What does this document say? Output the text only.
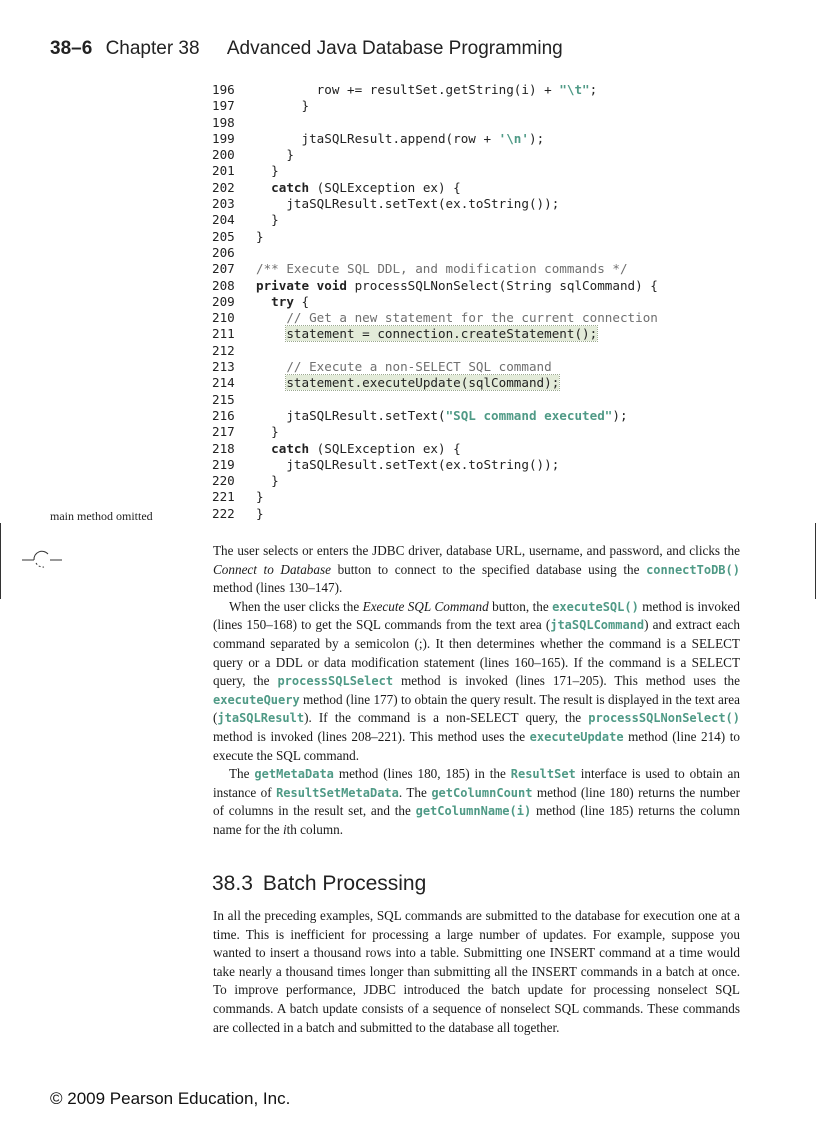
38–6 Chapter 38 Advanced Java Database Programming
196        row += resultSet.getString(i) + "\t";
197      }
198
199      jtaSQLResult.append(row + '\n');
200    }
201  }
202	catch (SQLException ex) {
203    jtaSQLResult.setText(ex.toString());
204  }
205 }
206
207 /** Execute SQL DDL, and modification commands */
208 private void processSQLNonSelect(String sqlCommand) {
209	try {
210	// Get a new statement for the current connection
211	statement = connection.createStatement();
212
213	// Execute a non-SELECT SQL command
214	statement.executeUpdate(sqlCommand);
215
216    jtaSQLResult.setText("SQL command executed");
217  }
218	catch (SQLException ex) {
219    jtaSQLResult.setText(ex.toString());
220  }
221 }
222 }
main method omitted

The user selects or enters the JDBC driver, database URL, username, and password, and clicks the Connect to Database button to connect to the specified database using the connectToDB() method (lines 130–147).

When the user clicks the Execute SQL Command button, the executeSQL() method is invoked (lines 150–168) to get the SQL commands from the text area (jtaSQLCommand) and extract each command separated by a semicolon (;). It then determines whether the command is a SELECT query or a DDL or data modification statement (lines 160–165). If the command is a SELECT query, the processSQLSelect method is invoked (lines 171–205). This method uses the executeQuery method (line 177) to obtain the query result. The result is displayed in the text area (jtaSQLResult). If the command is a non-SELECT query, the processSQLNonSelect() method is invoked (lines 208–221). This method uses the executeUpdate method (line 214) to execute the SQL command.

The getMetaData method (lines 180, 185) in the ResultSet interface is used to obtain an instance of ResultSetMetaData. The getColumnCount method (line 180) returns the number of columns in the result set, and the getColumnName(i) method (line 185) returns the column name for the ith column.

38.3 Batch Processing

In all the preceding examples, SQL commands are submitted to the database for execution one at a time. This is inefficient for processing a large number of updates. For example, suppose you wanted to insert a thousand rows into a table. Submitting one INSERT command at a time would take nearly a thousand times longer than submitting all the INSERT commands in a batch at once. To improve performance, JDBC introduced the batch update for processing nonselect SQL commands. A batch update consists of a sequence of nonselect SQL commands. These commands are collected in a batch and submitted to the database all together.

© 2009 Pearson Education, Inc.
